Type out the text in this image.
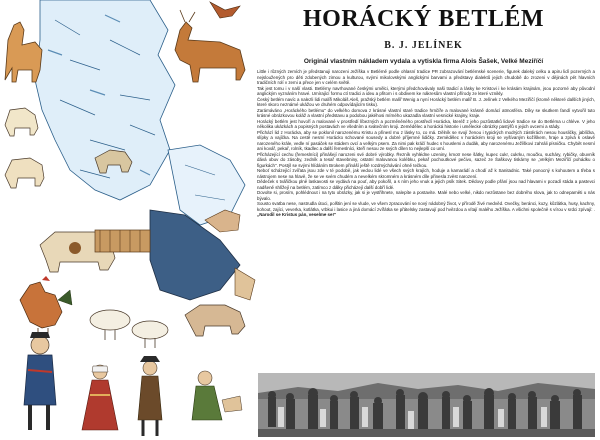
HORÁCKÝ BETLÉM
B. J. JELÍNEK
Originál vlastním nákladem vydala a vytiskla firma Alois Šašek, Velké Meziříčí

Little i různých zemích je předstanuji narozeni Ježíška v Betlémě podle ohlasní tradice PR zobrazování betlémské scenerie, figurek daleký celku a apiru lidí pozerných a nejsloužených pro děti zdobených zimou a kulturou, svými mikolovskými anglickými barvami a představy dialektů jejich chudobě do zrozeni v dějinách pět hlavních tradičních rolí v zemi a přece jen v celém světě.

Tak jest tomu i v naší vlasti. Betlémy navrhované českými umělci, kterými předchovávaly naši tradicí a lásky ke Kristovi i ke krásám krajinám, jsou pozorné aby původní anglickým vyznáním hravé. Umírající formu ctí tradici a ideu a přitom i s obdivem ke nákresům vlastní přírody ze které vznikly.

Český betlém navíc a nalezli lidi malíři Mikoláš Aleš, pražský betlém malíř Wenig a nyní Horácký betlém malíř B. J. Jelínek z Velkého Meziříčí (kromě některé dalších jiných, které skoro neznámé ukážou ve druhém odpovídajícím tisku).

Zarámáváno „Horáckého betlému" do velkého domova z krásné vlastní staré tradice hrnčíře a malované krásně domácí atmosféra. Díky se skutkem fandí vytvořil tuto krásné obrázkovou koláž a vlastní představu a podobou jakéhosi mírného ukazadla vlastní vesnické krajiny, kraje.

Horácký betlém jest hovoří a malované v prostředí líbezných a pozměněného prostředí Horácka, kteréž z jeho pozůstatků lidové tradice se do Betléma u chléve. V jeho několika ukázkách a popisných postavách ve všedním a svátečním kroji. Zemědělec a horácká historie i umělecké obrázky pastýřů s jejich ovcemi a stády.

Přichází lid z Horácka, aby se poklonil narozenému Kristu a přinesl mu z lásky to, co má. Dělník se svojí ženou i typických modrých zástěrách nesou housličky, jablíčka, slípky a vajíčka. Na cestě nesmí Horácko schované sousedy a dobré příjemné lidičky. Zemědělec v horáckém kroji se vyšívaným kožíškem, hraje a zpívá k oslavě narozeného krále, vedle ní pasáček se stádem ovcí a velkým psem. Za nimi pak kráčí hudec s houslemi a dudák, aby narozenému Ježíškovi zahráli písničku. Chybět nesmí ani kovář, pekař, rolník, tkadlec a další řemeslníci, kteří nesou ze svých dílen to nejlepší co umí.

Přicházející cechu (řemeslníci) přinášejí narozeni své dobré výrobky. Řezník vyhlédne uzeniny, kmotr nese šátky, kupec cukr, cukrku, moučku, sucháry, rybičky, obuvník dává obuv do zásoby, zedník a tesař stavebniny, ostatní malovanou kolébku, pekař pochoutkové pečivo, sazeč ze Šaškovy tiskárny se „Velkým Meziříčí pohádku o figurkách". Postýl se svými hlídáním Brokem přináší ještě rozdmýchávání ohně tečkou.

Neboť scházející zvířata jsou zde v té podobě, jak vedou lidé ve všech svých krajích, hoduje a kamarádí a chodí až k Sanitadnic. Také ponocný s kohoutem a třeba s nástrojem nese na hlavě, že se ve svém chudém a nevelkém skromném a krásném díle přinesla zvěst narození.

Dědeček s tvářičkou plně laskavosti se vydává na pouť, aby pokořil, a s ním jeho vnuk a jejich psík Sitek. Dědovy podle přání jsou nad hlavami v pozadí stáda a pastevci nadšeně shlížejí na betlém, zatímco z dálky přicházejí další dobří lidé.

Dovolte si, prosím, pohlédnout i na tyto obrázky, jak si je vystřihnete, nalepíte a postavíte. Malé nebo velké, nikdo nezůstane bez dobrého slova, jak to odnepaměti u nás bývalo.

Sousto svatba nese, nastrudla útoci, polštin jení se vlude, ve všem zpracování se nový nádobný život, v přírodě živé medvěd. Ovečky, beránci, kozy, kůzlátka, husy, kachny, kohout, zajíci, veverka, kotlátka, vrbkui i lasice a jiná domácí zvířátka se přátelsky zastavují pod hvězdou a vítají malého Ježíška. A všichni společně s vírou v srdci zpívají: .„Narodil se Kristus pán, veselme se!"
